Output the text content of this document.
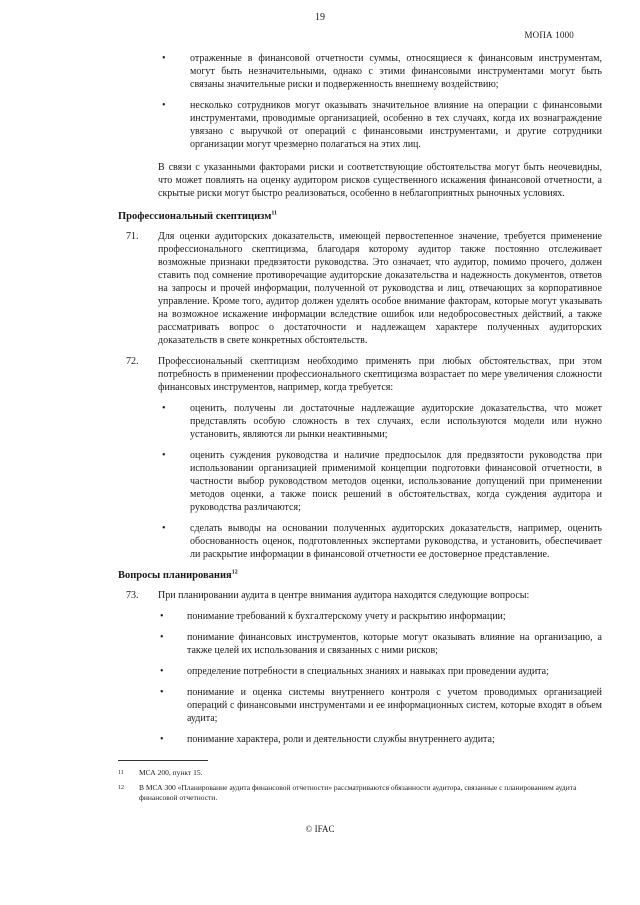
19
МОПА 1000
• отраженные в финансовой отчетности суммы, относящиеся к финансовым инструментам, могут быть незначительными, однако с этими финансовыми инструментами могут быть связаны значительные риски и подверженность внешнему воздействию;
• несколько сотрудников могут оказывать значительное влияние на операции с финансовыми инструментами, проводимые организацией, особенно в тех случаях, когда их вознаграждение увязано с выручкой от операций с финансовыми инструментами, и другие сотрудники организации могут чрезмерно полагаться на этих лиц.
В связи с указанными факторами риски и соответствующие обстоятельства могут быть неочевидны, что может повлиять на оценку аудитором рисков существенного искажения финансовой отчетности, а скрытые риски могут быстро реализоваться, особенно в неблагоприятных рыночных условиях.
Профессиональный скептицизм$^{11}$
71. Для оценки аудиторских доказательств, имеющей первостепенное значение, требуется применение профессионального скептицизма, благодаря которому аудитор также постоянно отслеживает возможные признаки предвзятости руководства. Это означает, что аудитор, помимо прочего, должен ставить под сомнение противоречащие аудиторские доказательства и надежность документов, ответов на запросы и прочей информации, полученной от руководства и лиц, отвечающих за корпоративное управление. Кроме того, аудитор должен уделять особое внимание факторам, которые могут указывать на возможное искажение информации вследствие ошибок или недобросовестных действий, а также рассматривать вопрос о достаточности и надлежащем характере полученных аудиторских доказательств в свете конкретных обстоятельств.
72. Профессиональный скептицизм необходимо применять при любых обстоятельствах, при этом потребность в применении профессионального скептицизма возрастает по мере увеличения сложности финансовых инструментов, например, когда требуется:
• оценить, получены ли достаточные надлежащие аудиторские доказательства, что может представлять особую сложность в тех случаях, если используются модели или нужно установить, являются ли рынки неактивными;
• оценить суждения руководства и наличие предпосылок для предвзятости руководства при использовании организацией применимой концепции подготовки финансовой отчетности, в частности выбор руководством методов оценки, использование допущений при применении методов оценки, а также поиск решений в обстоятельствах, когда суждения аудитора и руководства различаются;
• сделать выводы на основании полученных аудиторских доказательств, например, оценить обоснованность оценок, подготовленных экспертами руководства, и установить, обеспечивает ли раскрытие информации в финансовой отчетности ее достоверное представление.
Вопросы планирования$^{12}$
73. При планировании аудита в центре внимания аудитора находятся следующие вопросы:
• понимание требований к бухгалтерскому учету и раскрытию информации;
• понимание финансовых инструментов, которые могут оказывать влияние на организацию, а также целей их использования и связанных с ними рисков;
• определение потребности в специальных знаниях и навыках при проведении аудита;
• понимание и оценка системы внутреннего контроля с учетом проводимых организацией операций с финансовыми инструментами и ее информационных систем, которые входят в объем аудита;
• понимание характера, роли и деятельности службы внутреннего аудита;
11 МСА 200, пункт 15.
12 В МСА 300 «Планирование аудита финансовой отчетности» рассматриваются обязанности аудитора, связанные с планированием аудита финансовой отчетности.
© IFAC
